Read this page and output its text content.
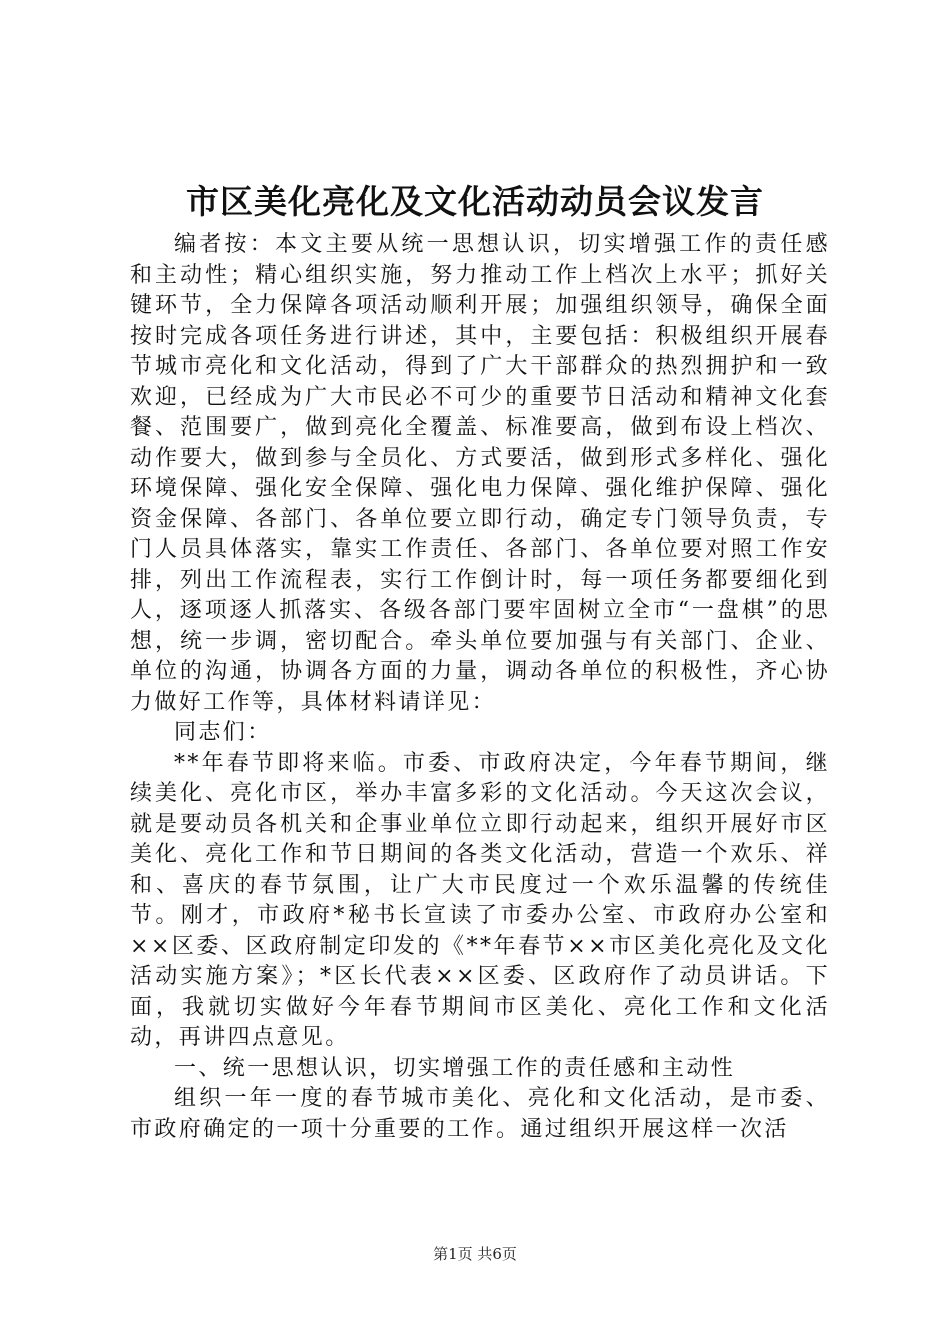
市区美化亮化及文化活动动员会议发言

编者按：本文主要从统一思想认识，切实增强工作的责任感和主动性；精心组织实施，努力推动工作上档次上水平；抓好关键环节，全力保障各项活动顺利开展；加强组织领导，确保全面按时完成各项任务进行讲述，其中，主要包括：积极组织开展春节城市亮化和文化活动，得到了广大干部群众的热烈拥护和一致欢迎，已经成为广大市民必不可少的重要节日活动和精神文化套餐、范围要广，做到亮化全覆盖、标准要高，做到布设上档次、动作要大，做到参与全员化、方式要活，做到形式多样化、强化环境保障、强化安全保障、强化电力保障、强化维护保障、强化资金保障、各部门、各单位要立即行动，确定专门领导负责，专门人员具体落实，靠实工作责任、各部门、各单位要对照工作安排，列出工作流程表，实行工作倒计时，每一项任务都要细化到人，逐项逐人抓落实、各级各部门要牢固树立全市“一盘棋”的思想，统一步调，密切配合。牵头单位要加强与有关部门、企业、单位的沟通，协调各方面的力量，调动各单位的积极性，齐心协力做好工作等，具体材料请详见：

同志们：

**年春节即将来临。市委、市政府决定，今年春节期间，继续美化、亮化市区，举办丰富多彩的文化活动。今天这次会议，就是要动员各机关和企事业单位立即行动起来，组织开展好市区美化、亮化工作和节日期间的各类文化活动，营造一个欢乐、祥和、喜庆的春节氛围，让广大市民度过一个欢乐温馨的传统佳节。刚才，市政府*秘书长宣读了市委办公室、市政府办公室和××区委、区政府制定印发的《**年春节××市区美化亮化及文化活动实施方案》；*区长代表××区委、区政府作了动员讲话。下面，我就切实做好今年春节期间市区美化、亮化工作和文化活动，再讲四点意见。

一、统一思想认识，切实增强工作的责任感和主动性

组织一年一度的春节城市美化、亮化和文化活动，是市委、市政府确定的一项十分重要的工作。通过组织开展这样一次活

第1页 共6页
